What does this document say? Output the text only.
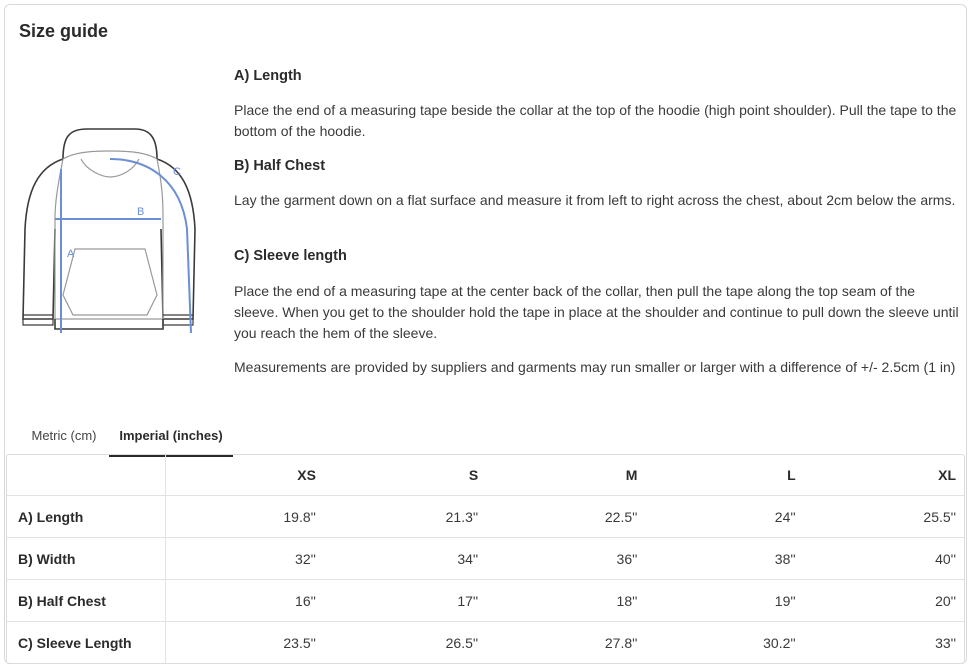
Size guide
A
B
C
A) Length

Place the end of a measuring tape beside the collar at the top of the hoodie (high point shoulder). Pull the tape to the bottom of the hoodie.

B) Half Chest

Lay the garment down on a flat surface and measure it from left to right across the chest, about 2cm below the arms.

C) Sleeve length

Place the end of a measuring tape at the center back of the collar, then pull the tape along the top seam of the sleeve. When you get to the shoulder hold the tape in place at the shoulder and continue to pull down the sleeve until you reach the hem of the sleeve.

Measurements are provided by suppliers and garments may run smaller or larger with a difference of +/- 2.5cm (1 in)

Metric (cm)	Imperial (inches)
	XS	S	M	L	XL
A) Length	19.8''	21.3''	22.5''	24''	25.5''
B) Width	32''	34''	36''	38''	40''
B) Half Chest	16''	17''	18''	19''	20''
C) Sleeve Length	23.5''	26.5''	27.8''	30.2''	33''
